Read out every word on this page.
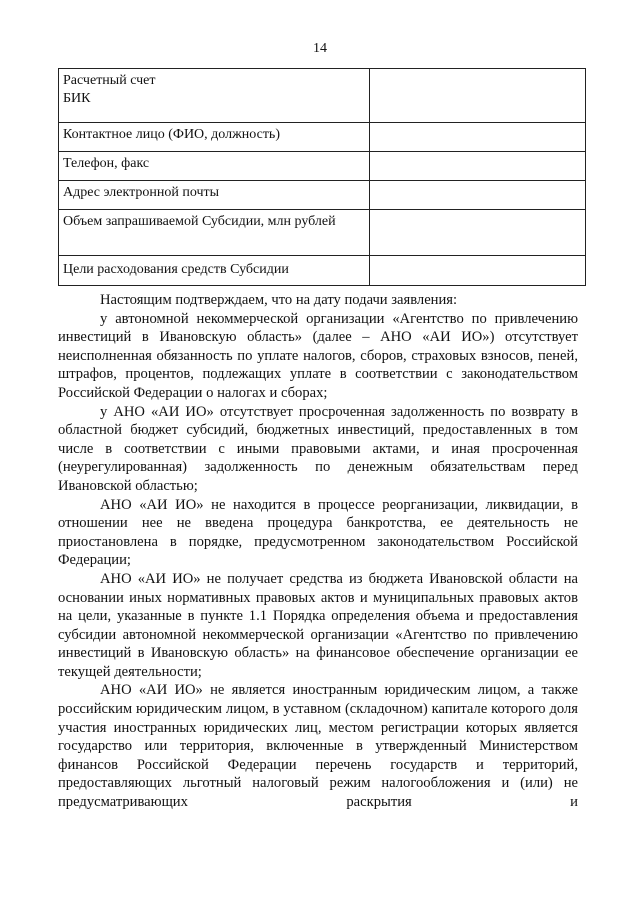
14
Расчетный счет
БИК	

Контактное лицо (ФИО, должность)	
Телефон, факс	
Адрес электронной почты	
Объем запрашиваемой Субсидии, млн рублей	
Цели расходования средств Субсидии	

Настоящим подтверждаем, что на дату подачи заявления:

у автономной некоммерческой организации «Агентство по привлечению инвестиций в Ивановскую область» (далее – АНО «АИ ИО») отсутствует неисполненная обязанность по уплате налогов, сборов, страховых взносов, пеней, штрафов, процентов, подлежащих уплате в соответствии с законодательством Российской Федерации о налогах и сборах;

у АНО «АИ ИО» отсутствует просроченная задолженность по возврату в областной бюджет субсидий, бюджетных инвестиций, предоставленных в том числе в соответствии с иными правовыми актами, и иная просроченная (неурегулированная) задолженность по денежным обязательствам перед Ивановской областью;

АНО «АИ ИО» не находится в процессе реорганизации, ликвидации, в отношении нее не введена процедура банкротства, ее деятельность не приостановлена в порядке, предусмотренном законодательством Российской Федерации;

АНО «АИ ИО» не получает средства из бюджета Ивановской области на основании иных нормативных правовых актов и муниципальных правовых актов на цели, указанные в пункте 1.1 Порядка определения объема и предоставления субсидии автономной некоммерческой организации «Агентство по привлечению инвестиций в Ивановскую область» на финансовое обеспечение организации ее текущей деятельности;

АНО «АИ ИО» не является иностранным юридическим лицом, а также российским юридическим лицом, в уставном (складочном) капитале которого доля участия иностранных юридических лиц, местом регистрации которых является государство или территория, включенные в утвержденный Министерством финансов Российской Федерации перечень государств и территорий, предоставляющих льготный налоговый режим налогообложения и (или) не предусматривающих раскрытия и
